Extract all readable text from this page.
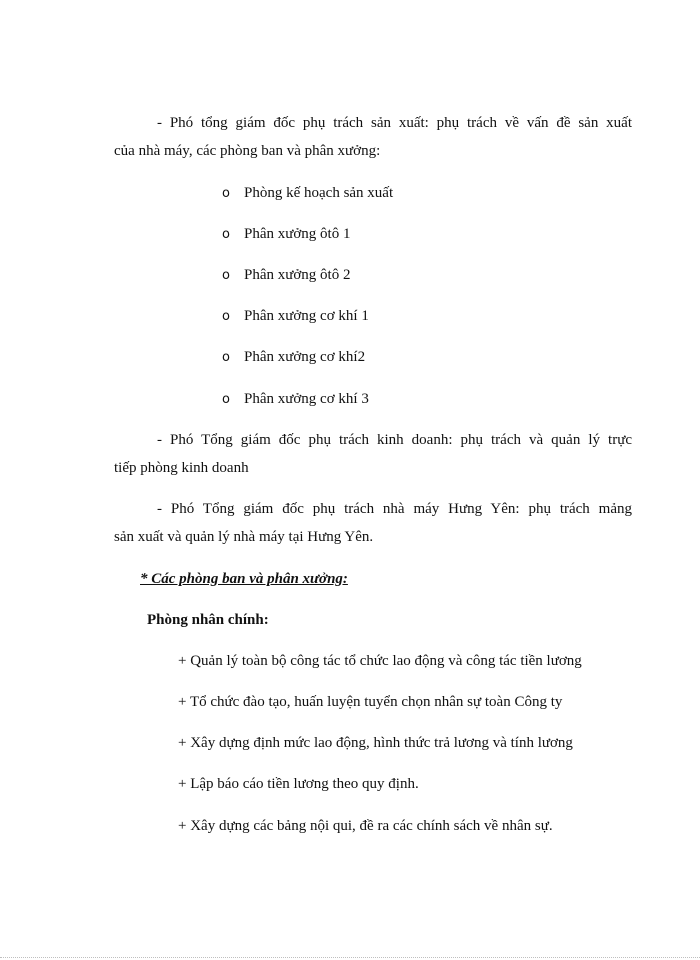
- Phó tổng giám đốc phụ trách sản xuất: phụ trách về vấn đề sản xuất
của nhà máy, các phòng ban và phân xưởng:
o Phòng kế hoạch sản xuất
o Phân xưởng ôtô 1
o Phân xưởng ôtô 2
o Phân xưởng cơ khí 1
o Phân xưởng cơ khí2
o Phân xưởng cơ khí 3
- Phó Tổng giám đốc phụ trách kinh doanh: phụ trách và quản lý trực
tiếp phòng kinh doanh
- Phó Tổng giám đốc phụ trách nhà máy Hưng Yên: phụ trách mảng
sản xuất và quản lý nhà máy tại Hưng Yên.
* Các phòng ban và phân xưởng:
Phòng nhân chính:
+ Quản lý toàn bộ công tác tổ chức lao động và công tác tiền lương
+ Tổ chức đào tạo, huấn luyện tuyển chọn nhân sự toàn Công ty
+ Xây dựng định mức lao động, hình thức trả lương và tính lương
+ Lập báo cáo tiền lương theo quy định.
+ Xây dựng các bảng nội qui, đề ra các chính sách về nhân sự.
